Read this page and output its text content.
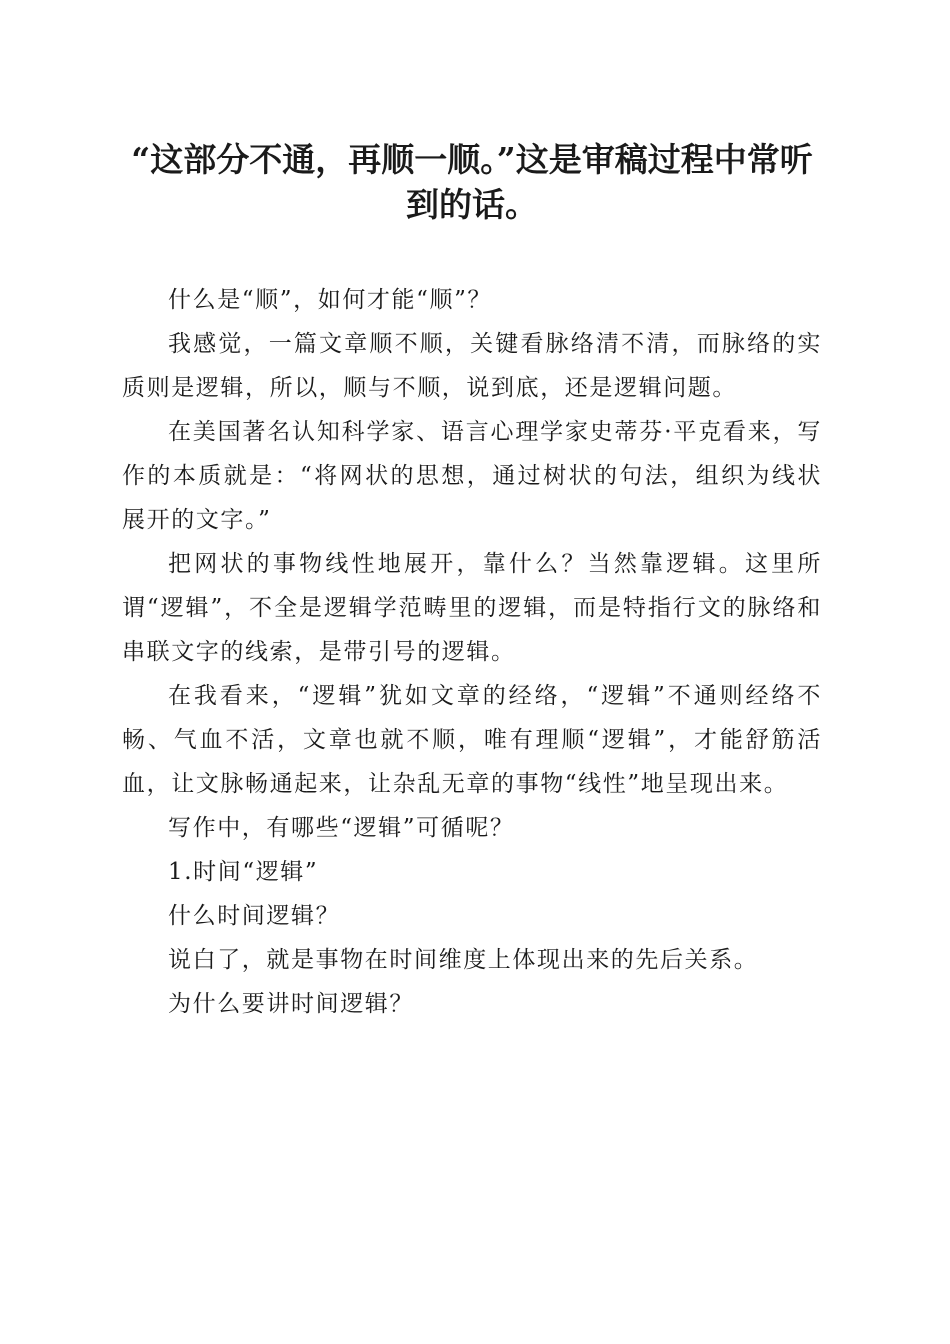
“这部分不通，再顺一顺。”这是审稿过程中常听到的话。

什么是“顺”，如何才能“顺”？

我感觉，一篇文章顺不顺，关键看脉络清不清，而脉络的实质则是逻辑，所以，顺与不顺，说到底，还是逻辑问题。

在美国著名认知科学家、语言心理学家史蒂芬·平克看来，写作的本质就是：“将网状的思想，通过树状的句法，组织为线状展开的文字。”

把网状的事物线性地展开，靠什么？当然靠逻辑。这里所谓“逻辑”，不全是逻辑学范畴里的逻辑，而是特指行文的脉络和串联文字的线索，是带引号的逻辑。

在我看来，“逻辑”犹如文章的经络，“逻辑”不通则经络不畅、气血不活，文章也就不顺，唯有理顺“逻辑”，才能舒筋活血，让文脉畅通起来，让杂乱无章的事物“线性”地呈现出来。

写作中，有哪些“逻辑”可循呢？

1.时间“逻辑”

什么时间逻辑？

说白了，就是事物在时间维度上体现出来的先后关系。

为什么要讲时间逻辑？
